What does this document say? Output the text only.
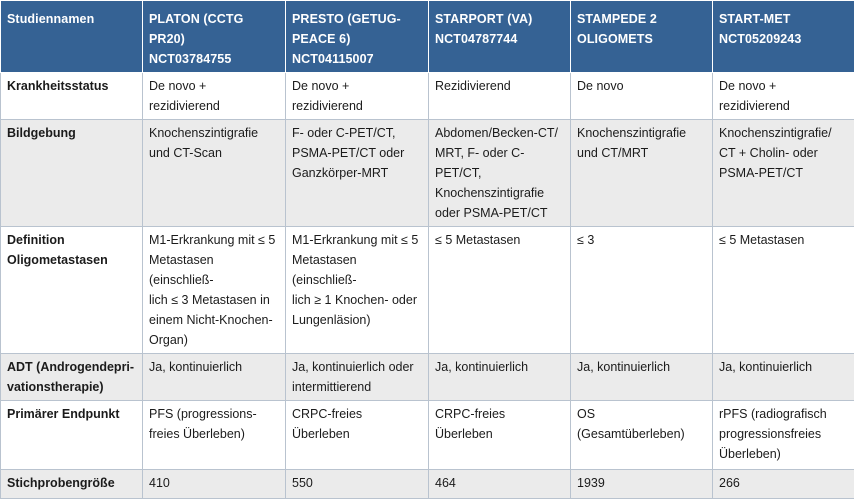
Studiennamen	PLATON (CCTG PR20)
NCT03784755	PRESTO (GETUG-
PEACE 6)
NCT04115007	STARPORT (VA)
NCT04787744	STAMPEDE 2
OLIGOMETS	START-MET
NCT05209243

Krankheitsstatus	De novo + rezidivierend	De novo + rezidivierend	Rezidivierend	De novo	De novo + rezidivierend

Bildgebung	Knochenszintigrafie
und CT-Scan	F- oder C-PET/CT,
PSMA-PET/CT oder
Ganzkörper-MRT	Abdomen/Becken-CT/
MRT, F- oder C-PET/CT,
Knochenszintigrafie
oder PSMA-PET/CT	Knochenszintigrafie
und CT/MRT	Knochenszintigrafie/
CT + Cholin- oder
PSMA-PET/CT

Definition
Oligometastasen	M1-Erkrankung mit ≤ 5
Metastasen (einschließ-
lich ≤ 3 Metastasen in
einem Nicht-Knochen-
Organ)	M1-Erkrankung mit ≤ 5
Metastasen (einschließ-
lich ≥ 1 Knochen- oder
Lungenläsion)	≤ 5 Metastasen	≤ 3	≤ 5 Metastasen

ADT (Androgendepri-
vationstherapie)	Ja, kontinuierlich	Ja, kontinuierlich oder
intermittierend	Ja, kontinuierlich	Ja, kontinuierlich	Ja, kontinuierlich

Primärer Endpunkt	PFS (progressions-
freies Überleben)	CRPC-freies Überleben	CRPC-freies Überleben	OS (Gesamtüberleben)	rPFS (radiografisch
progressionsfreies
Überleben)

Stichprobengröße	410	550	464	1939	266
